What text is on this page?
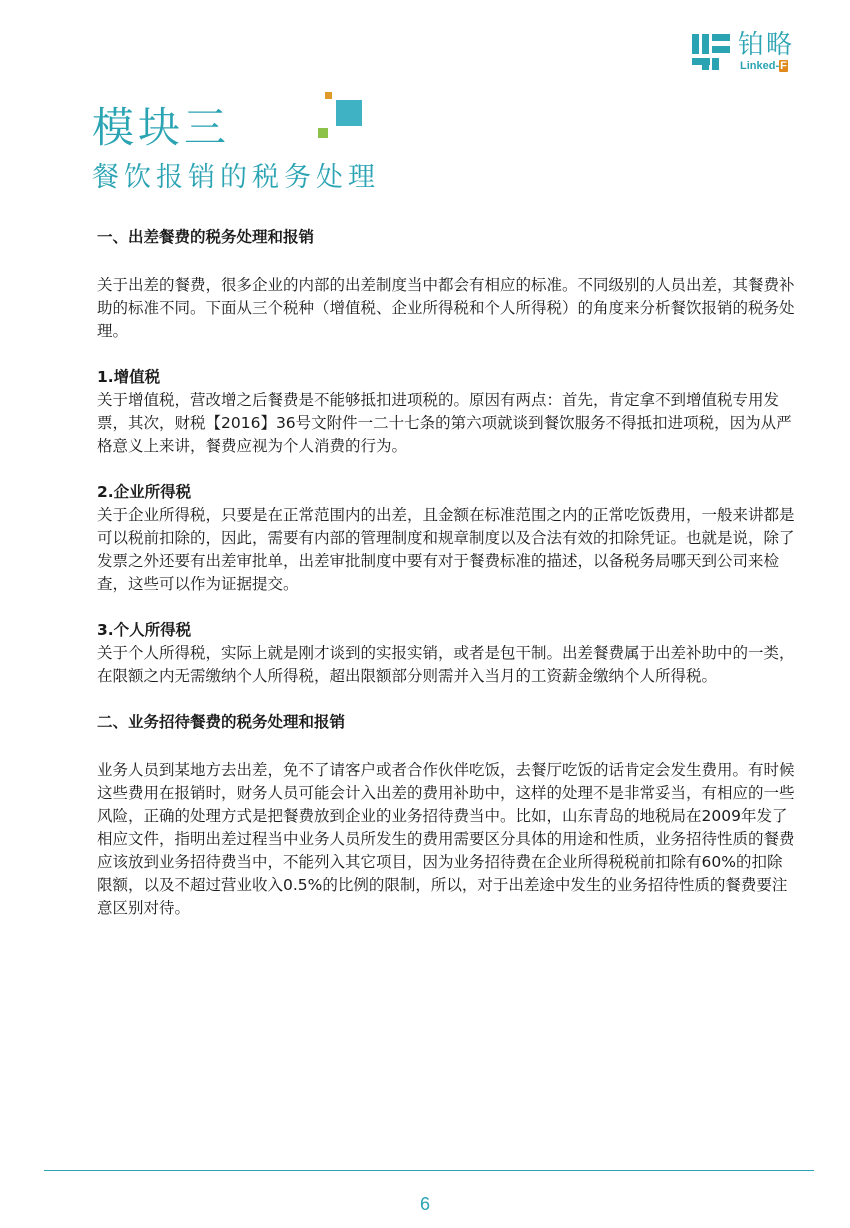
铂略
Linked-F
模块三
餐饮报销的税务处理

一、出差餐费的税务处理和报销

关于出差的餐费，很多企业的内部的出差制度当中都会有相应的标准。不同级别的人员出差，其餐费补助的标准不同。下面从三个税种（增值税、企业所得税和个人所得税）的角度来分析餐饮报销的税务处理。

1.增值税

关于增值税，营改增之后餐费是不能够抵扣进项税的。原因有两点：首先，肯定拿不到增值税专用发票，其次，财税【2016】36号文附件一二十七条的第六项就谈到餐饮服务不得抵扣进项税，因为从严格意义上来讲，餐费应视为个人消费的行为。

2.企业所得税

关于企业所得税，只要是在正常范围内的出差，且金额在标准范围之内的正常吃饭费用，一般来讲都是可以税前扣除的，因此，需要有内部的管理制度和规章制度以及合法有效的扣除凭证。也就是说，除了发票之外还要有出差审批单，出差审批制度中要有对于餐费标准的描述，以备税务局哪天到公司来检查，这些可以作为证据提交。

3.个人所得税

关于个人所得税，实际上就是刚才谈到的实报实销，或者是包干制。出差餐费属于出差补助中的一类，在限额之内无需缴纳个人所得税，超出限额部分则需并入当月的工资薪金缴纳个人所得税。

二、业务招待餐费的税务处理和报销

业务人员到某地方去出差，免不了请客户或者合作伙伴吃饭，去餐厅吃饭的话肯定会发生费用。有时候这些费用在报销时，财务人员可能会计入出差的费用补助中，这样的处理不是非常妥当，有相应的一些风险，正确的处理方式是把餐费放到企业的业务招待费当中。比如，山东青岛的地税局在2009年发了相应文件，指明出差过程当中业务人员所发生的费用需要区分具体的用途和性质，业务招待性质的餐费应该放到业务招待费当中，不能列入其它项目，因为业务招待费在企业所得税税前扣除有60%的扣除限额，以及不超过营业收入0.5%的比例的限制，所以，对于出差途中发生的业务招待性质的餐费要注意区别对待。

6
